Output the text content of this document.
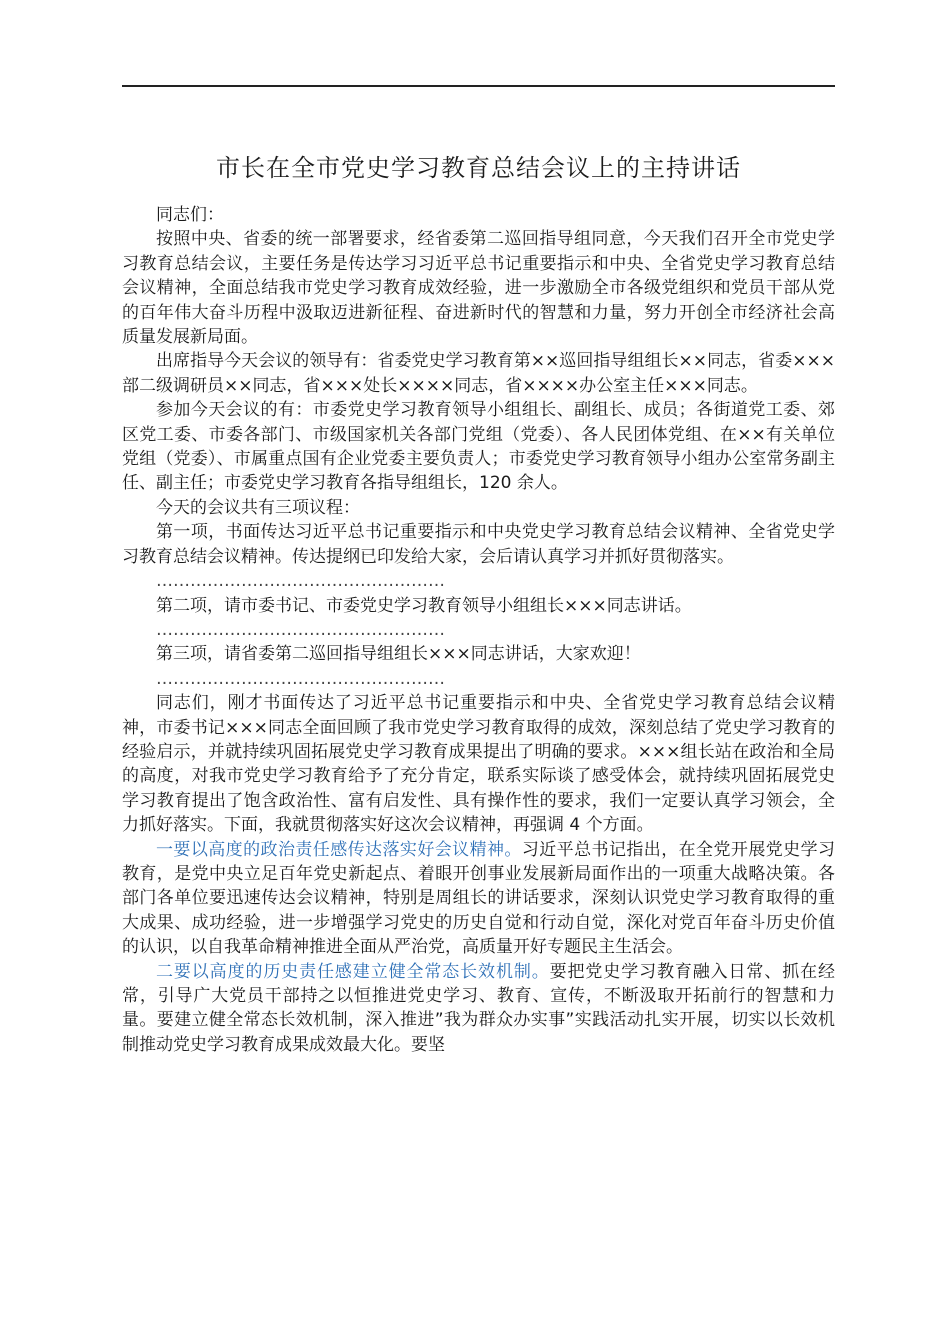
市长在全市党史学习教育总结会议上的主持讲话

同志们：

按照中央、省委的统一部署要求，经省委第二巡回指导组同意，今天我们召开全市党史学习教育总结会议，主要任务是传达学习习近平总书记重要指示和中央、全省党史学习教育总结会议精神，全面总结我市党史学习教育成效经验，进一步激励全市各级党组织和党员干部从党的百年伟大奋斗历程中汲取迈进新征程、奋进新时代的智慧和力量，努力开创全市经济社会高质量发展新局面。

出席指导今天会议的领导有：省委党史学习教育第××巡回指导组组长××同志，省委×××部二级调研员××同志，省×××处长××××同志，省××××办公室主任×××同志。

参加今天会议的有：市委党史学习教育领导小组组长、副组长、成员；各街道党工委、郊区党工委、市委各部门、市级国家机关各部门党组（党委）、各人民团体党组、在××有关单位党组（党委）、市属重点国有企业党委主要负责人；市委党史学习教育领导小组办公室常务副主任、副主任；市委党史学习教育各指导组组长，120 余人。

今天的会议共有三项议程：

第一项，书面传达习近平总书记重要指示和中央党史学习教育总结会议精神、全省党史学习教育总结会议精神。传达提纲已印发给大家，会后请认真学习并抓好贯彻落实。

……………………………………………

第二项，请市委书记、市委党史学习教育领导小组组长×××同志讲话。

……………………………………………

第三项，请省委第二巡回指导组组长×××同志讲话，大家欢迎！

……………………………………………

同志们，刚才书面传达了习近平总书记重要指示和中央、全省党史学习教育总结会议精神，市委书记×××同志全面回顾了我市党史学习教育取得的成效，深刻总结了党史学习教育的经验启示，并就持续巩固拓展党史学习教育成果提出了明确的要求。×××组长站在政治和全局的高度，对我市党史学习教育给予了充分肯定，联系实际谈了感受体会，就持续巩固拓展党史学习教育提出了饱含政治性、富有启发性、具有操作性的要求，我们一定要认真学习领会，全力抓好落实。下面，我就贯彻落实好这次会议精神，再强调 4 个方面。

一要以高度的政治责任感传达落实好会议精神。习近平总书记指出，在全党开展党史学习教育，是党中央立足百年党史新起点、着眼开创事业发展新局面作出的一项重大战略决策。各部门各单位要迅速传达会议精神，特别是周组长的讲话要求，深刻认识党史学习教育取得的重大成果、成功经验，进一步增强学习党史的历史自觉和行动自觉，深化对党百年奋斗历史价值的认识，以自我革命精神推进全面从严治党，高质量开好专题民主生活会。

二要以高度的历史责任感建立健全常态长效机制。要把党史学习教育融入日常、抓在经常，引导广大党员干部持之以恒推进党史学习、教育、宣传，不断汲取开拓前行的智慧和力量。要建立健全常态长效机制，深入推进”我为群众办实事”实践活动扎实开展，切实以长效机制推动党史学习教育成果成效最大化。要坚
